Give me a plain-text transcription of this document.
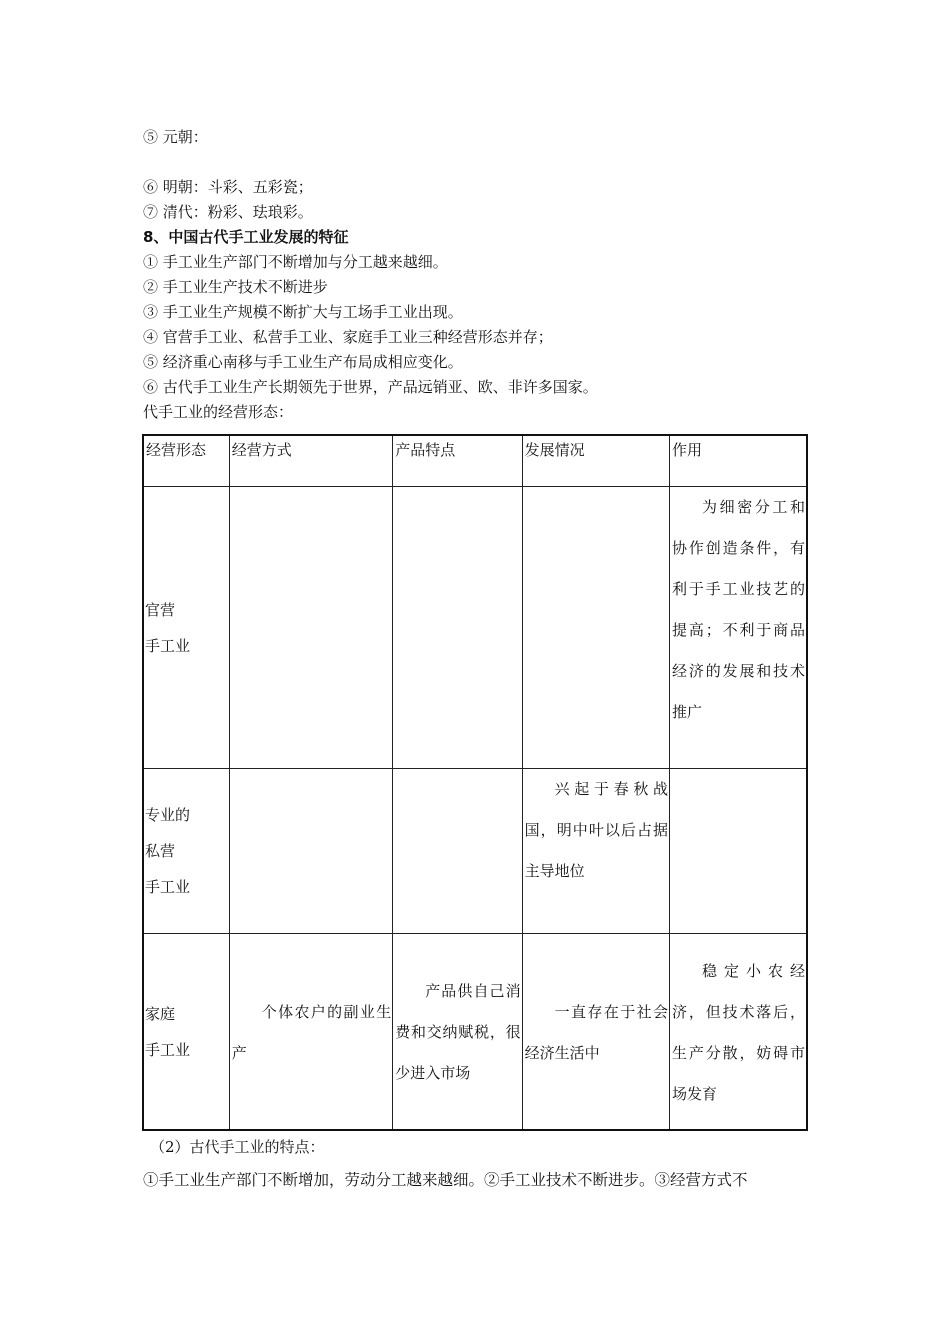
⑤ 元朝：
⑥ 明朝：斗彩、五彩瓷；
⑦ 清代：粉彩、珐琅彩。
8、中国古代手工业发展的特征
① 手工业生产部门不断增加与分工越来越细。
② 手工业生产技术不断进步
③ 手工业生产规模不断扩大与工场手工业出现。
④ 官营手工业、私营手工业、家庭手工业三种经营形态并存；
⑤ 经济重心南移与手工业生产布局成相应变化。
⑥ 古代手工业生产长期领先于世界，产品远销亚、欧、非许多国家。
代手工业的经营形态：
经营形态	经营方式	产品特点	发展情况	作用

官营
手工业				为细密分工和协作创造条件，有利于手工业技艺的提高；不利于商品经济的发展和技术推广

专业的
私营
手工业			兴起于春秋战国，明中叶以后占据主导地位	

家庭
手工业	个体农户的副业生产	产品供自己消费和交纳赋税，很少进入市场	一直存在于社会经济生活中	稳定小农经济，但技术落后，生产分散，妨碍市场发育
（2）古代手工业的特点：
①手工业生产部门不断增加，劳动分工越来越细。②手工业技术不断进步。③经营方式不
